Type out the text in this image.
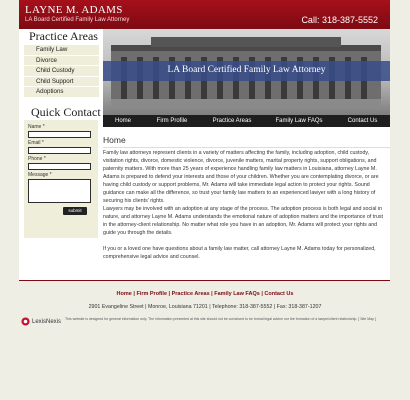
LAYNE M. ADAMS
LA Board Certified Family Law Attorney	Call: 318-387-5552
Practice Areas
Family Law
Divorce
Child Custody
Child Support
Adoptions
Quick Contact
Name *
Email *
Phone *
Message *
submit
LA Board Certified Family Law Attorney
Home	Firm Profile	Practice Areas	Family Law FAQs	Contact Us
Home
Family law attorneys represent clients in a variety of matters affecting the family, including adoption, child custody, visitation rights, divorce, domestic violence, divorce, juvenile matters, marital property rights, support obligations, and paternity matters. With more than 25 years of experience handling family law matters in Louisiana, attorney Layne M. Adams is prepared to defend your interests and those of your children. Whether you are contemplating divorce, or are having child custody or support problems, Mr. Adams will take immediate legal action to protect your rights. Sound guidance can make all the difference, so trust your family law matters to an experienced lawyer with a long history of securing his clients' rights.
Lawyers may be involved with an adoption at any stage of the process. The adoption process is both legal and social in nature, and attorney Layne M. Adams understands the emotional nature of adoption matters and the importance of trust in the attorney-client relationship. No matter what role you have in an adoption, Mr. Adams will protect your rights and guide you through the details.
If you or a loved one have questions about a family law matter, call attorney Layne M. Adams today for personalized, comprehensive legal advice and counsel.
Home | Firm Profile | Practice Areas | Family Law FAQs | Contact Us
2901 Evangeline Street | Monroe, Louisiana 71201 | Telephone: 318-387-5552 | Fax: 318-387-1207
LexisNexis This website is designed for general information only. The information presented at this site should not be construed to be formal legal advice nor the formation of a lawyer/client relationship. [ Site Map ]
